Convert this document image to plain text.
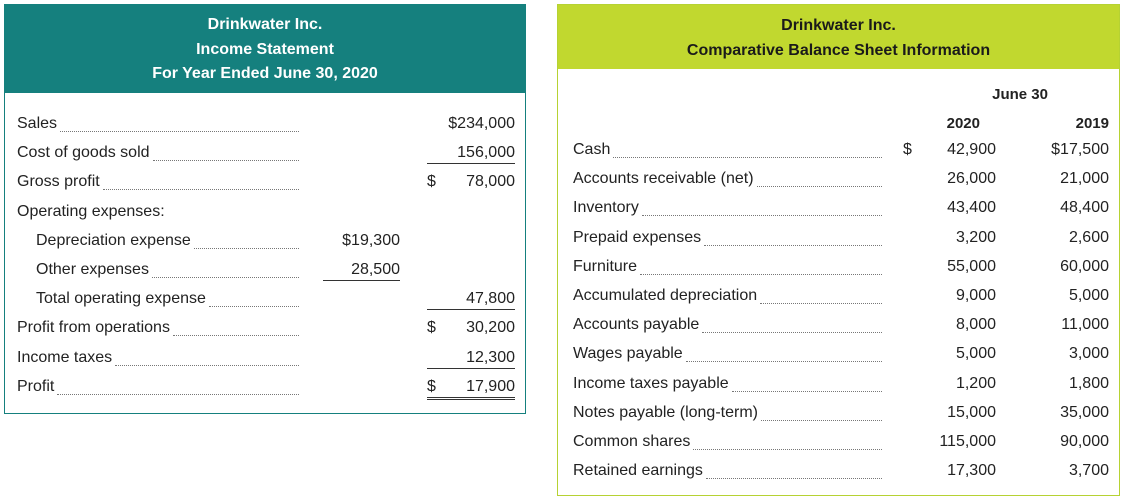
Drinkwater Inc.
Income Statement
For Year Ended June 30, 2020
Sales	$234,000
Cost of goods sold	156,000
Gross profit	$ 78,000
Operating expenses:
Depreciation expense	$19,300
Other expenses	28,500
Total operating expense	47,800
Profit from operations	$ 30,200
Income taxes	12,300
Profit	$ 17,900
Drinkwater Inc.
Comparative Balance Sheet Information
June 30
2020	2019
Cash	$ 42,900	$17,500
Accounts receivable (net)	26,000	21,000
Inventory	43,400	48,400
Prepaid expenses	3,200	2,600
Furniture	55,000	60,000
Accumulated depreciation	9,000	5,000
Accounts payable	8,000	11,000
Wages payable	5,000	3,000
Income taxes payable	1,200	1,800
Notes payable (long-term)	15,000	35,000
Common shares	115,000	90,000
Retained earnings	17,300	3,700
